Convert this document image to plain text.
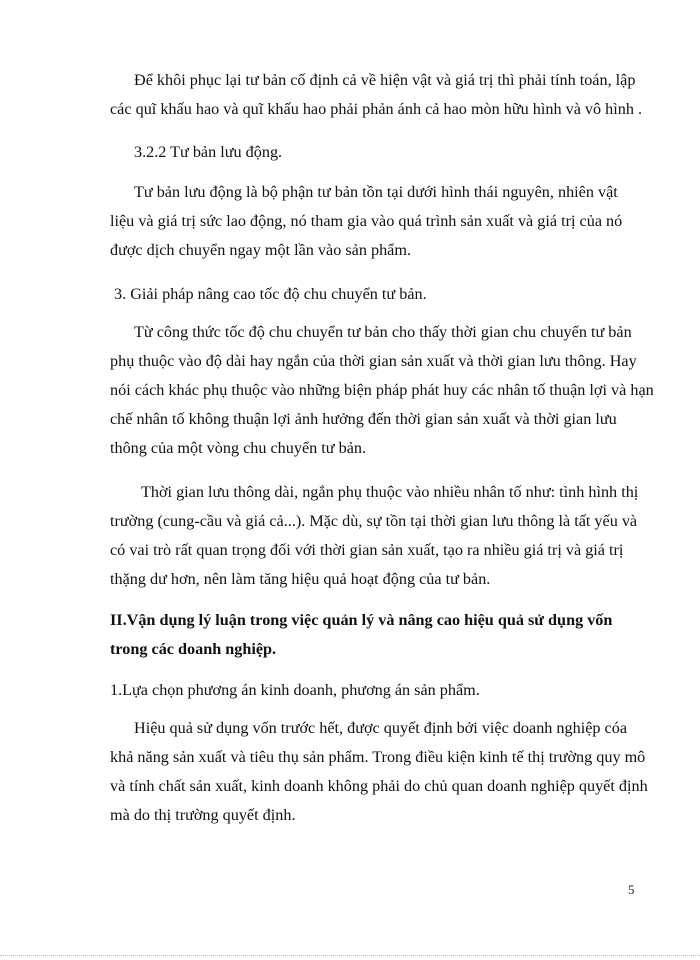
Để khôi phục lại tư bản cố định cả về hiện vật và giá trị thì phải tính toán, lập
các quĩ khấu hao và quĩ khấu hao phải phản ánh cả hao mòn hữu hình và vô hình .
3.2.2 Tư bản lưu động.
Tư bản lưu động là bộ phận tư bản tồn tại dưới hình thái nguyên, nhiên vật
liệu và giá trị sức lao động, nó tham gia vào quá trình sản xuất và giá trị của nó
được dịch chuyển ngay một lần vào sản phẩm.
3. Giải pháp nâng cao tốc độ chu chuyển tư bản.
Từ công thức tốc độ chu chuyển tư bản cho thấy thời gian chu chuyển tư bản
phụ thuộc vào độ dài hay ngắn của thời gian sản xuất và thời gian lưu thông. Hay
nói cách khác phụ thuộc vào những biện pháp phát huy các nhân tố thuận lợi và hạn
chế nhân tố không thuận lợi ảnh hưởng đến thời gian sản xuất và thời gian lưu
thông của một vòng chu chuyển tư bản.
Thời gian lưu thông dài, ngắn phụ thuộc vào nhiều nhân tố như: tình hình thị
trường (cung-cầu và giá cả...). Mặc dù, sự tồn tại thời gian lưu thông là tất yếu và
có vai trò rất quan trọng đối với thời gian sản xuất, tạo ra nhiều giá trị và giá trị
thặng dư hơn, nên làm tăng hiệu quả hoạt động của tư bản.
II.Vận dụng lý luận trong việc quản lý và nâng cao hiệu quả sử dụng vốn
trong các doanh nghiệp.
1.Lựa chọn phương án kinh doanh, phương án sản phẩm.
Hiệu quả sử dụng vốn trước hết, được quyết định bởi việc doanh nghiệp cóa
khả năng sản xuất và tiêu thụ sản phẩm. Trong điều kiện kinh tế thị trường quy mô
và tính chất sản xuất, kinh doanh không phải do chủ quan doanh nghiệp quyết định
mà do thị trường quyết định.
5
